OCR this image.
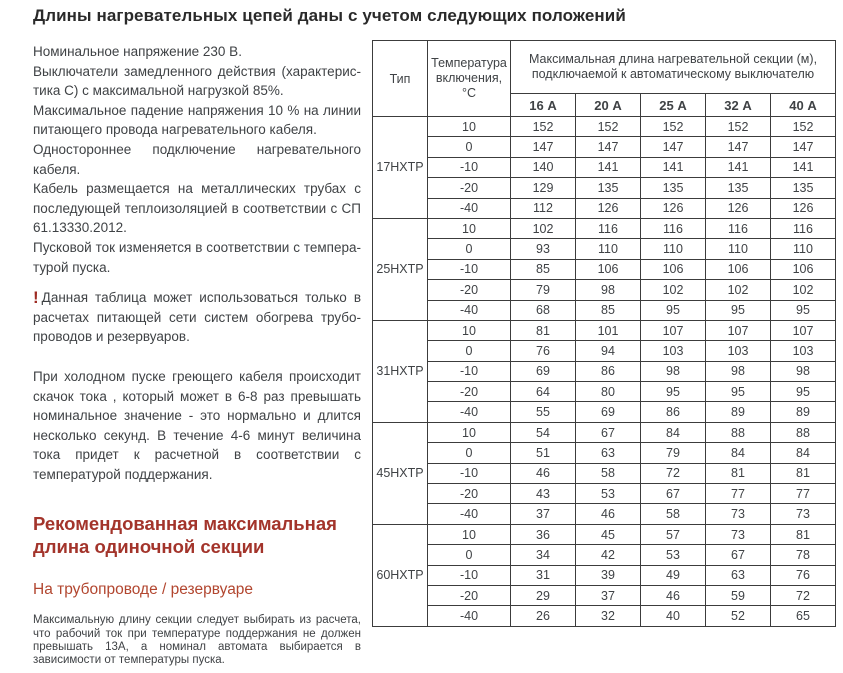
Длины нагревательных цепей даны с учетом следующих положений

Номинальное напряжение 230 В.

Выключатели замедленного действия (характерис-тика С) с максимальной нагрузкой 85%.

Максимальное падение напряжения 10 % на линии питающего провода нагревательного кабеля.

Одностороннее подключение нагревательного кабеля.

Кабель размещается на металлических трубах с последующей теплоизоляцией в соответствии с СП 61.13330.2012.

Пусковой ток изменяется в соответствии с темпера-турой пуска.

! Данная таблица может использоваться только в расчетах питающей сети систем обогрева трубо-проводов и резервуаров.

При холодном пуске греющего кабеля происходит скачок тока , который может в 6-8 раз превышать номинальное значение - это нормально и длится несколько секунд. В течение 4-6 минут величина тока придет к расчетной в соответствии с температурой поддержания.

Рекомендованная максимальная длина одиночной секции
На трубопроводе / резервуаре

Максимальную длину секции следует выбирать из расчета, что рабочий ток при температуре поддержания не должен превышать 13А, а номинал автомата выбирается в зависимости от температуры пуска.

Тип	Температура включения, °С	Максимальная длина нагревательной секции (м), подключаемой к автоматическому выключателю				
		16 А	20 А	25 А	32 А	40 А
17HXTP	10	152	152	152	152	152
	0	147	147	147	147	147
	-10	140	141	141	141	141
	-20	129	135	135	135	135
	-40	112	126	126	126	126
25HXTP	10	102	116	116	116	116
	0	93	110	110	110	110
	-10	85	106	106	106	106
	-20	79	98	102	102	102
	-40	68	85	95	95	95
31HXTP	10	81	101	107	107	107
	0	76	94	103	103	103
	-10	69	86	98	98	98
	-20	64	80	95	95	95
	-40	55	69	86	89	89
45HXTP	10	54	67	84	88	88
	0	51	63	79	84	84
	-10	46	58	72	81	81
	-20	43	53	67	77	77
	-40	37	46	58	73	73
60HXTP	10	36	45	57	73	81
	0	34	42	53	67	78
	-10	31	39	49	63	76
	-20	29	37	46	59	72
	-40	26	32	40	52	65
